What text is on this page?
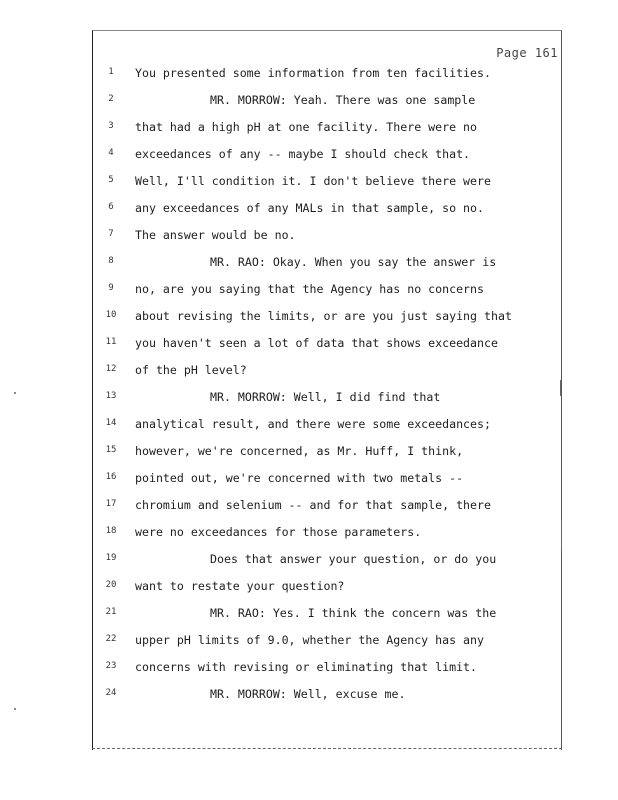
Page 161
1	You presented some information from ten facilities.
2	MR. MORROW: Yeah. There was one sample
3	that had a high pH at one facility. There were no
4	exceedances of any -- maybe I should check that.
5	Well, I'll condition it. I don't believe there were
6	any exceedances of any MALs in that sample, so no.
7	The answer would be no.
8	MR. RAO: Okay. When you say the answer is
9	no, are you saying that the Agency has no concerns
10	about revising the limits, or are you just saying that
11	you haven't seen a lot of data that shows exceedance
12	of the pH level?
13	MR. MORROW: Well, I did find that
14	analytical result, and there were some exceedances;
15	however, we're concerned, as Mr. Huff, I think,
16	pointed out, we're concerned with two metals --
17	chromium and selenium -- and for that sample, there
18	were no exceedances for those parameters.
19	Does that answer your question, or do you
20	want to restate your question?
21	MR. RAO: Yes. I think the concern was the
22	upper pH limits of 9.0, whether the Agency has any
23	concerns with revising or eliminating that limit.
24	MR. MORROW: Well, excuse me.
